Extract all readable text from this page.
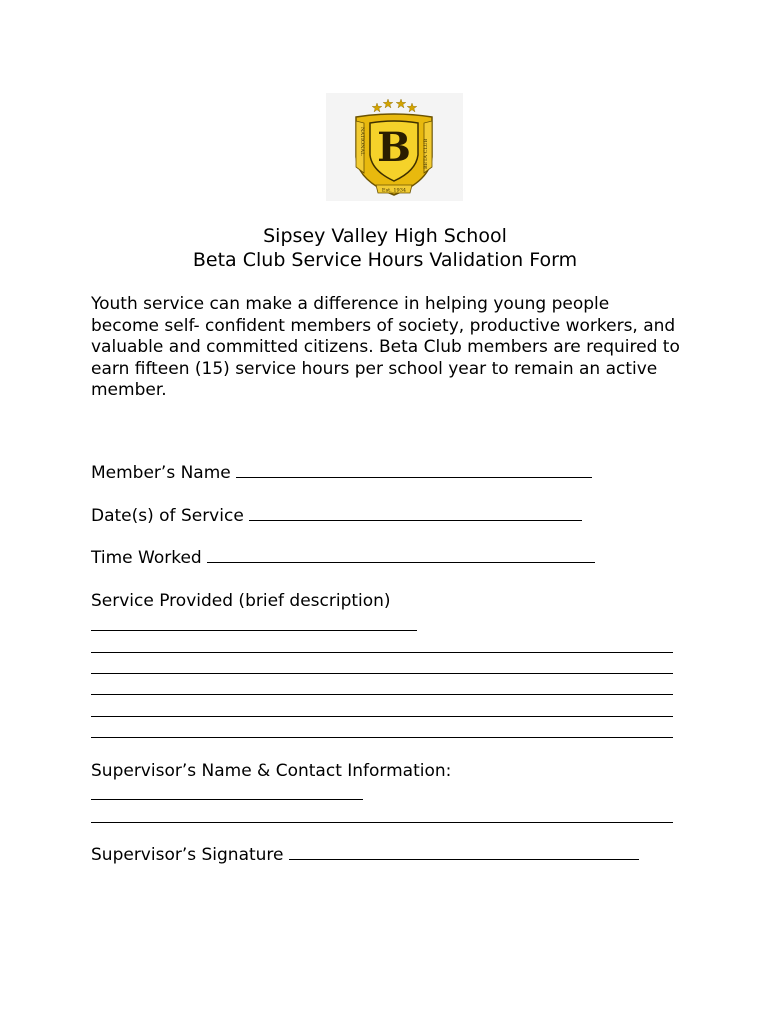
B
NATIONAL	BETA CLUB
Est. 1934
Sipsey Valley High School
Beta Club Service Hours Validation Form

Youth service can make a difference in helping young people become self- confident members of society, productive workers, and valuable and committed citizens. Beta Club members are required to earn fifteen (15) service hours per school year to remain an active member.

Member’s Name
Date(s) of Service
Time Worked
Service Provided (brief description)
Supervisor’s Name & Contact Information:
Supervisor’s Signature
